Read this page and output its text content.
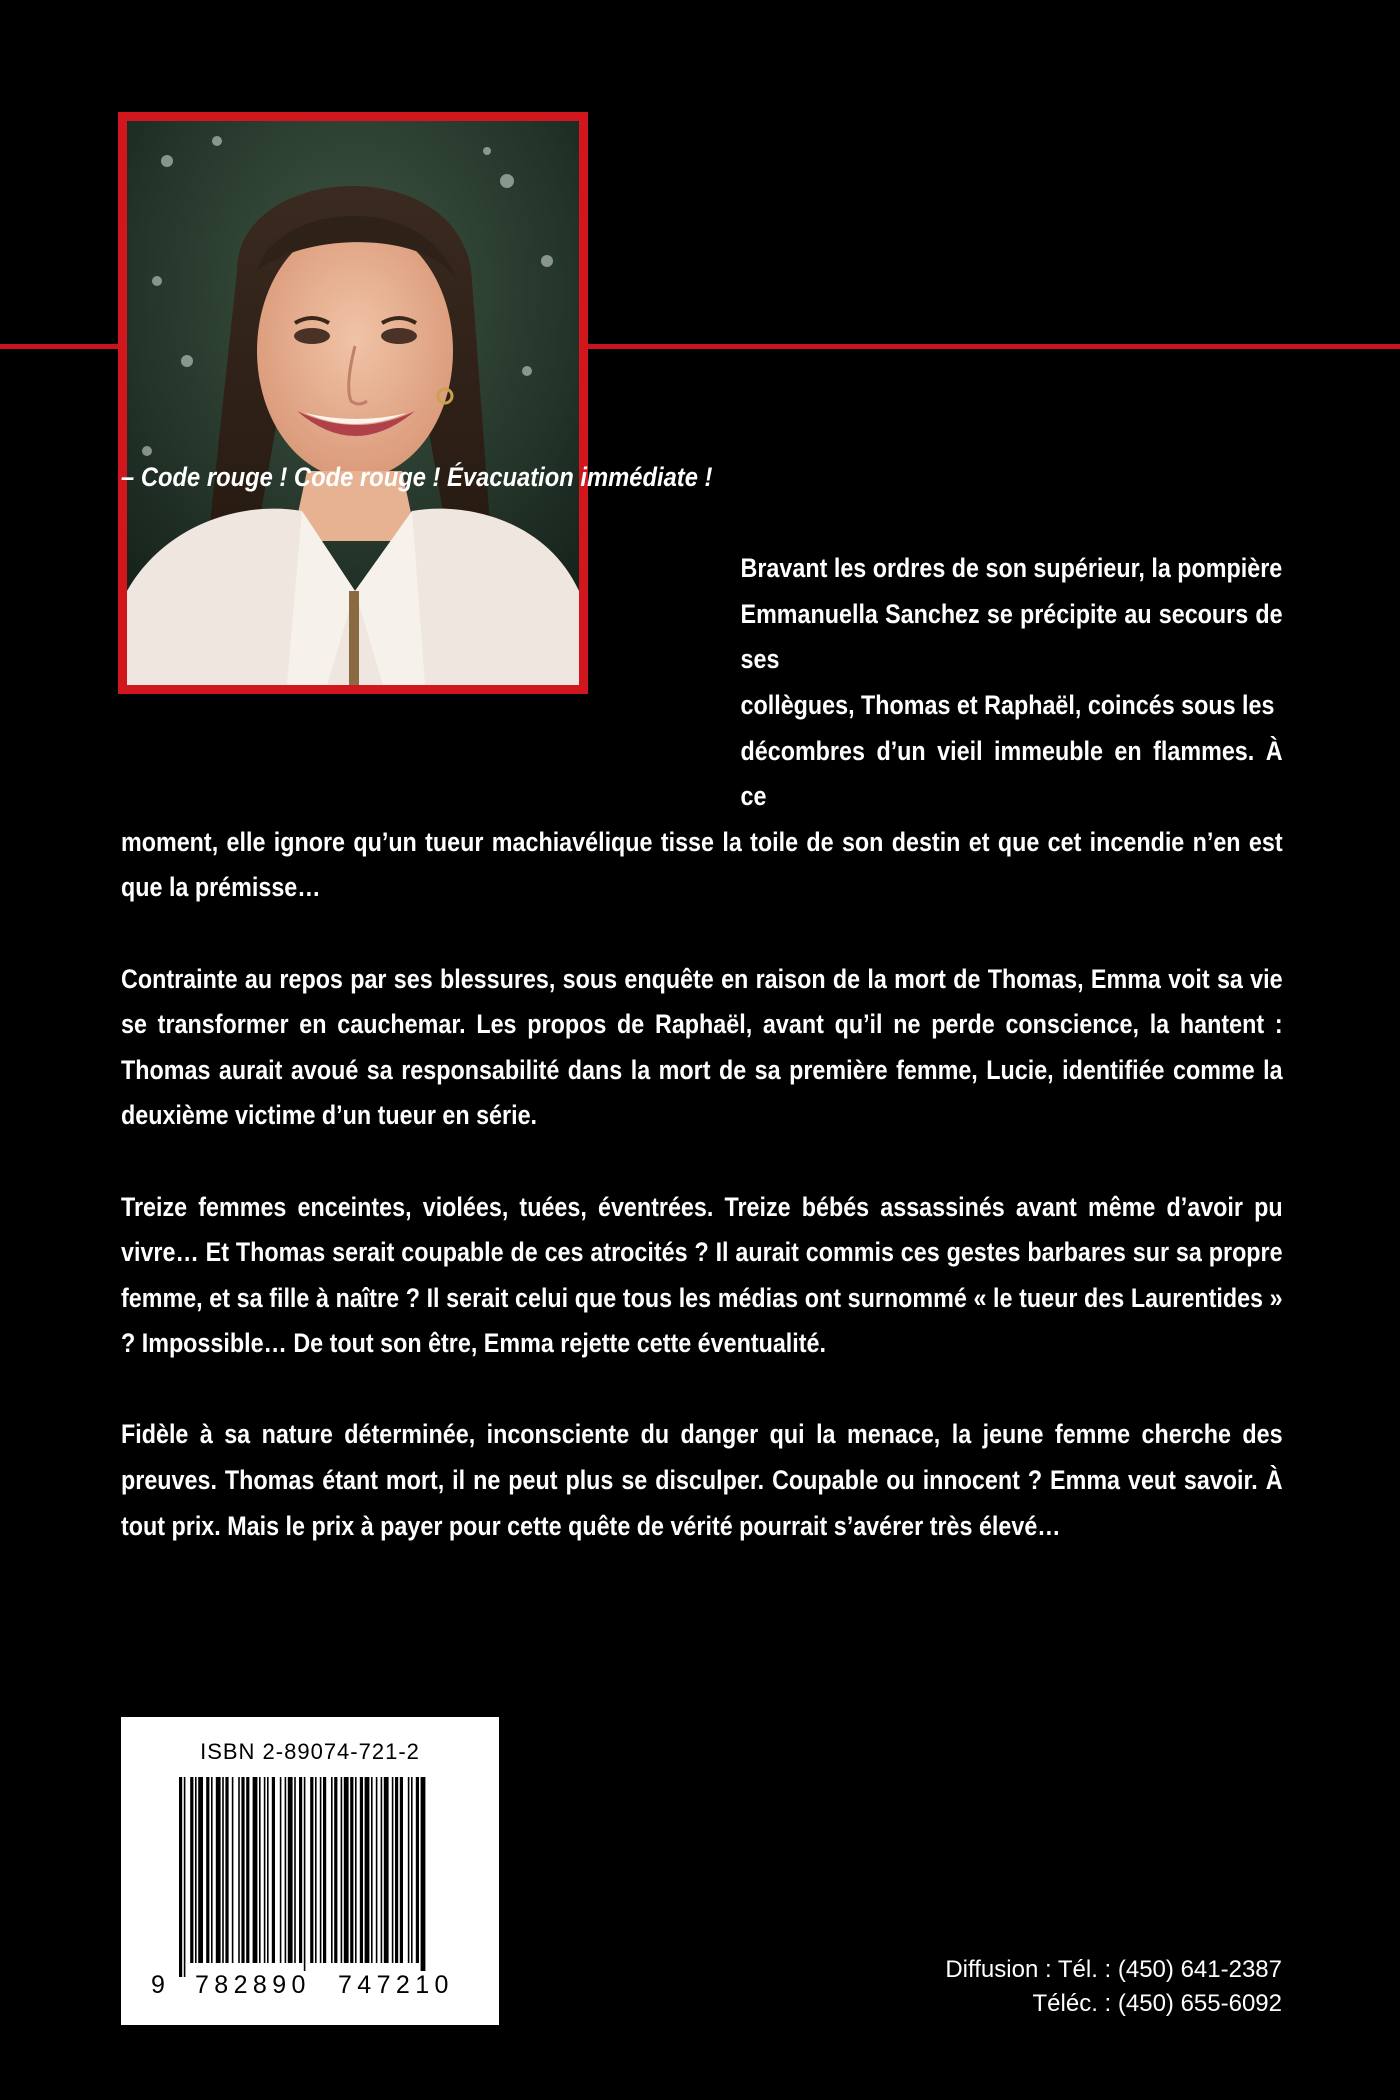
– Code rouge ! Code rouge ! Évacuation immédiate !

Bravant les ordres de son supérieur, la pompière
Emmanuella Sanchez se précipite au secours de ses
collègues, Thomas et Raphaël, coincés sous les
décombres d’un vieil immeuble en flammes. À ce
moment, elle ignore qu’un tueur machiavélique tisse la toile de son destin et que cet incendie n’en est que la prémisse…

Contrainte au repos par ses blessures, sous enquête en raison de la mort de Thomas, Emma voit sa vie se transformer en cauchemar. Les propos de Raphaël, avant qu’il ne perde conscience, la hantent : Thomas aurait avoué sa responsabilité dans la mort de sa première femme, Lucie, identifiée comme la deuxième victime d’un tueur en série.

Treize femmes enceintes, violées, tuées, éventrées. Treize bébés assassinés avant même d’avoir pu vivre… Et Thomas serait coupable de ces atrocités ? Il aurait commis ces gestes barbares sur sa propre femme, et sa fille à naître ? Il serait celui que tous les médias ont surnommé « le tueur des Laurentides » ? Impossible… De tout son être, Emma rejette cette éventualité.

Fidèle à sa nature déterminée, inconsciente du danger qui la menace, la jeune femme cherche des preuves. Thomas étant mort, il ne peut plus se disculper. Coupable ou innocent ? Emma veut savoir. À tout prix. Mais le prix à payer pour cette quête de vérité pourrait s’avérer très élevé…

ISBN 2-89074-721-2
9 782890 747210
Diffusion : Tél. : (450) 641-2387
Téléc. : (450) 655-6092
